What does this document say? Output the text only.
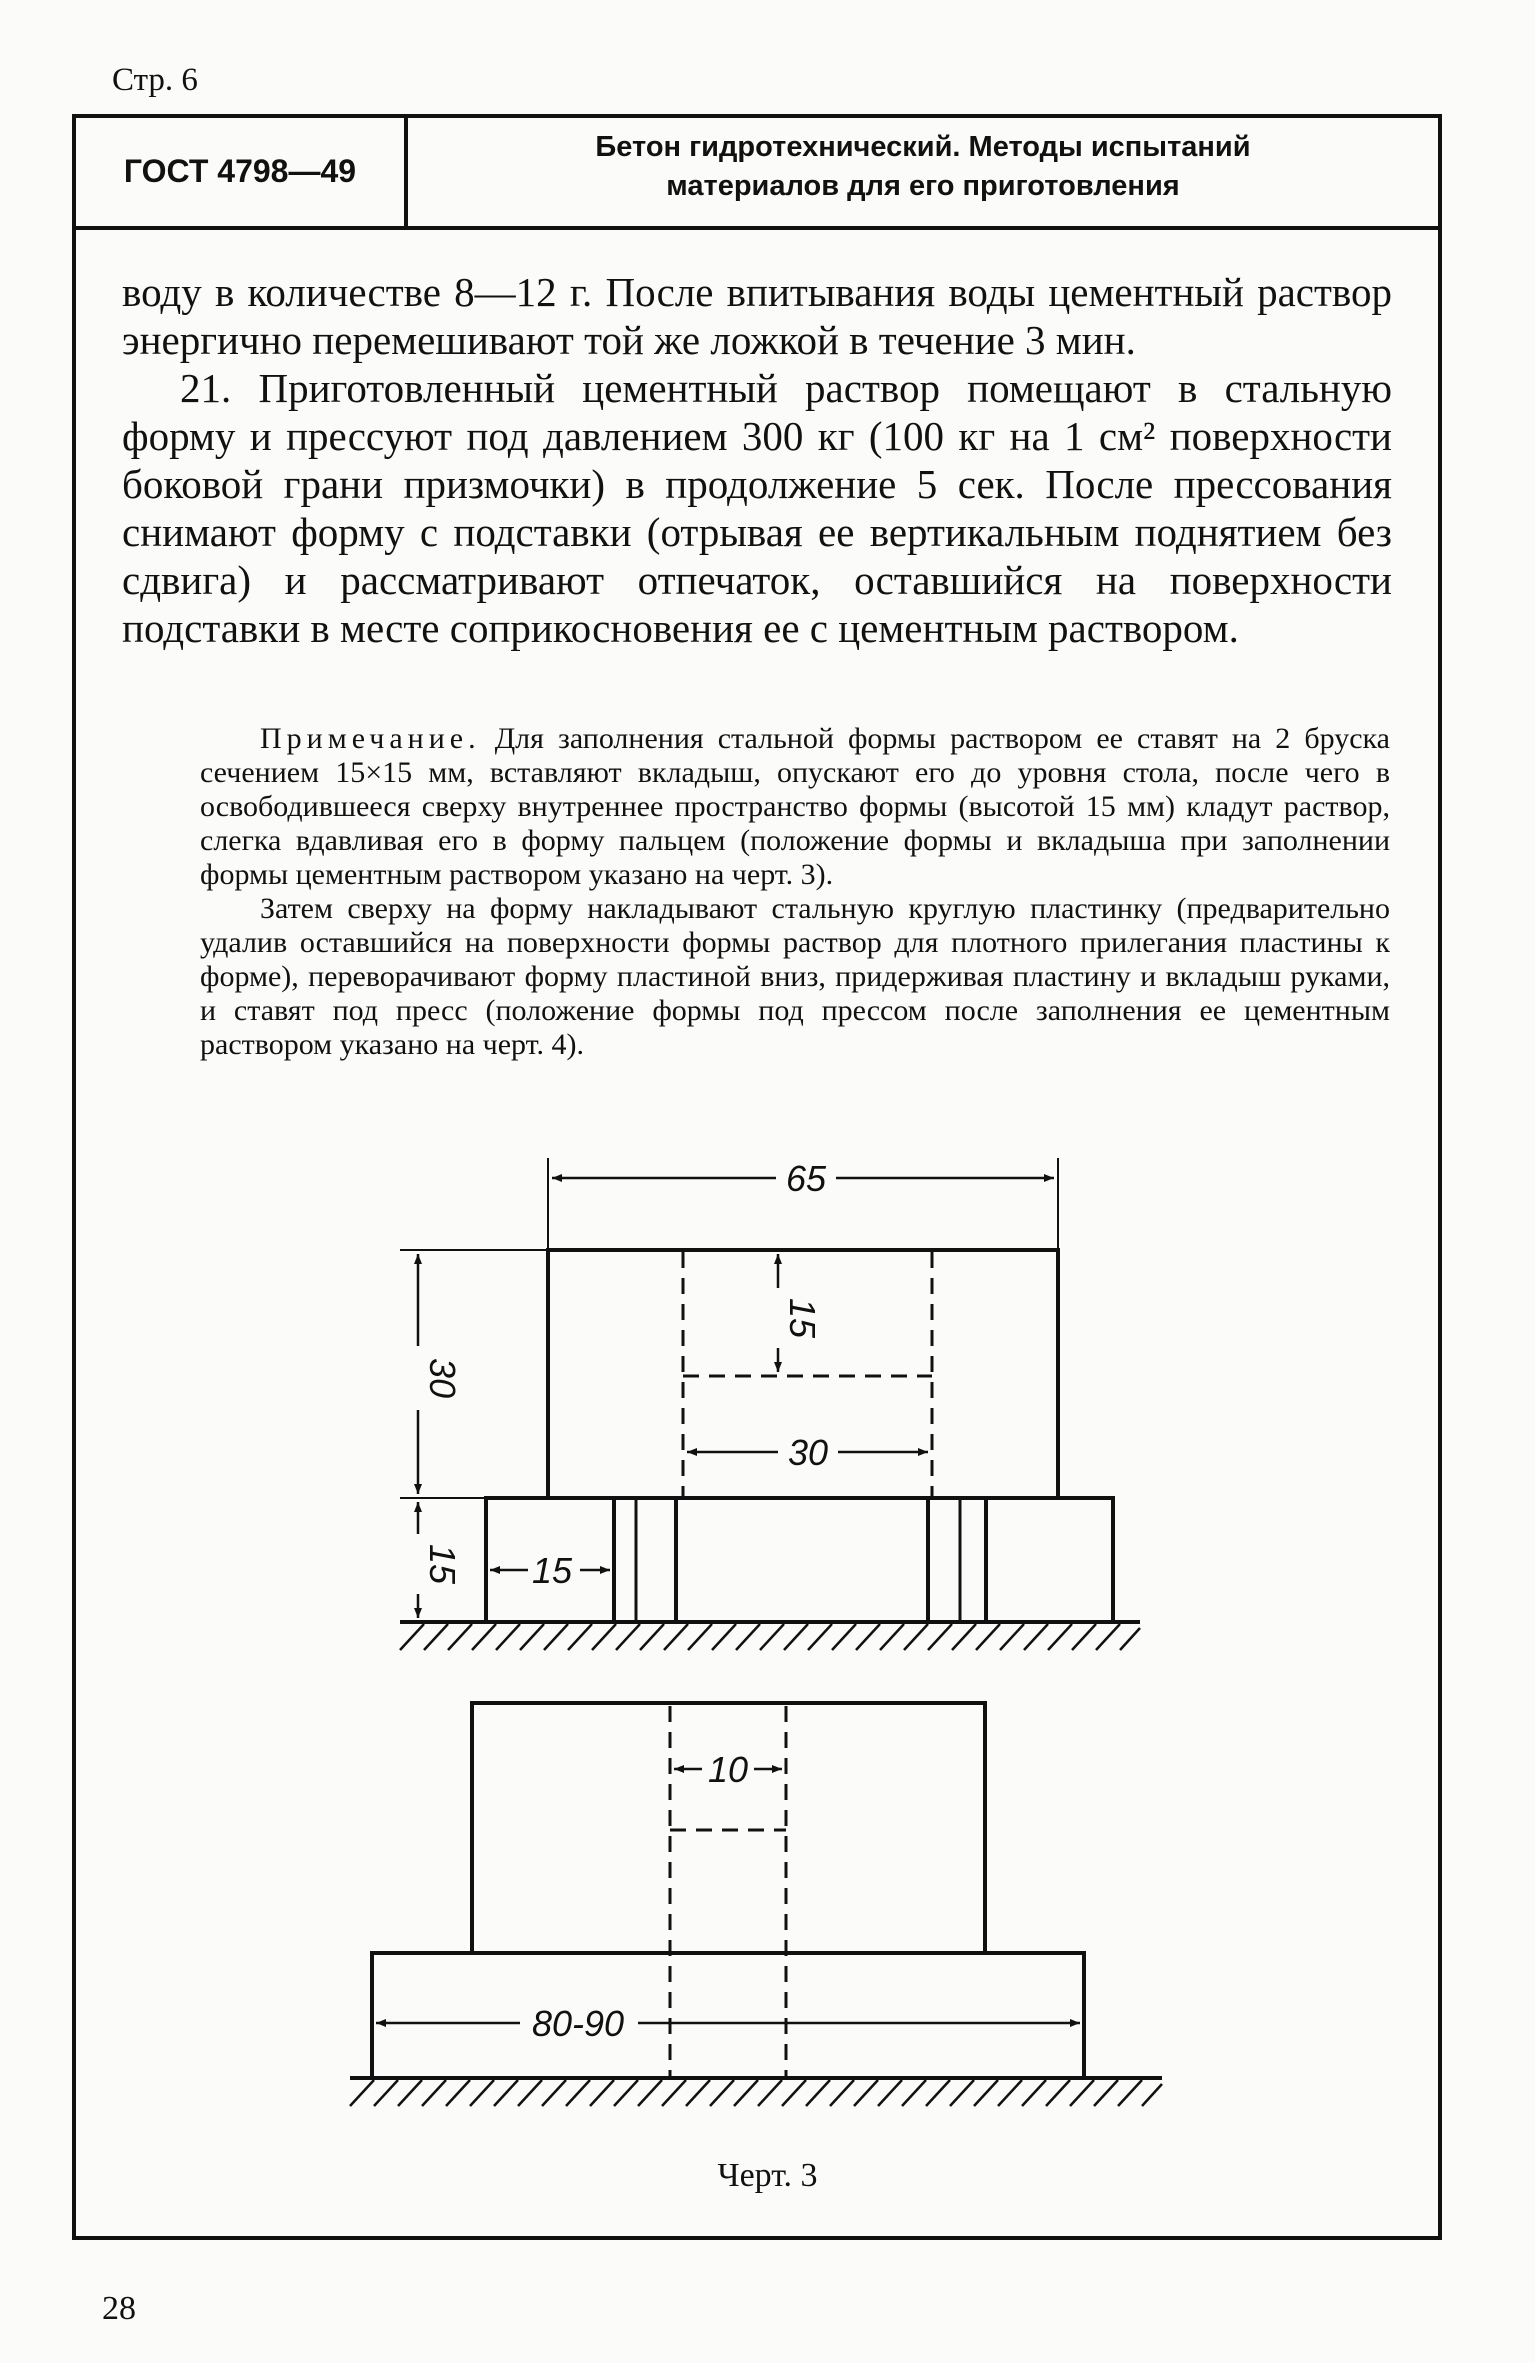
Стр. 6
ГОСТ 4798—49
Бетон гидротехнический. Методы испытаний
материалов для его приготовления

воду в количестве 8—12 г. После впитывания воды цементный раствор энергично перемешивают той же ложкой в течение 3 мин.

21. Приготовленный цементный раствор помещают в стальную форму и прессуют под давлением 300 кг (100 кг на 1 см² поверхности боковой грани призмочки) в продолжение 5 сек. После прессования снимают форму с подставки (отрывая ее вертикальным поднятием без сдвига) и рассматривают отпечаток, оставшийся на поверхности подставки в месте соприкосновения ее с цементным раствором.

Примечание. Для заполнения стальной формы раствором ее ставят на 2 бруска сечением 15×15 мм, вставляют вкладыш, опускают его до уровня стола, после чего в освободившееся сверху внутреннее пространство формы (высотой 15 мм) кладут раствор, слегка вдавливая его в форму пальцем (положение формы и вкладыша при заполнении формы цементным раствором указано на черт. 3).

Затем сверху на форму накладывают стальную круглую пластинку (предварительно удалив оставшийся на поверхности формы раствор для плотного прилегания пластины к форме), переворачивают форму пластиной вниз, придерживая пластину и вкладыш руками, и ставят под пресс (положение формы под прессом после заполнения ее цементным раствором указано на черт. 4).

65
30
15
30
15 15
10
80-90
Черт. 3
28
